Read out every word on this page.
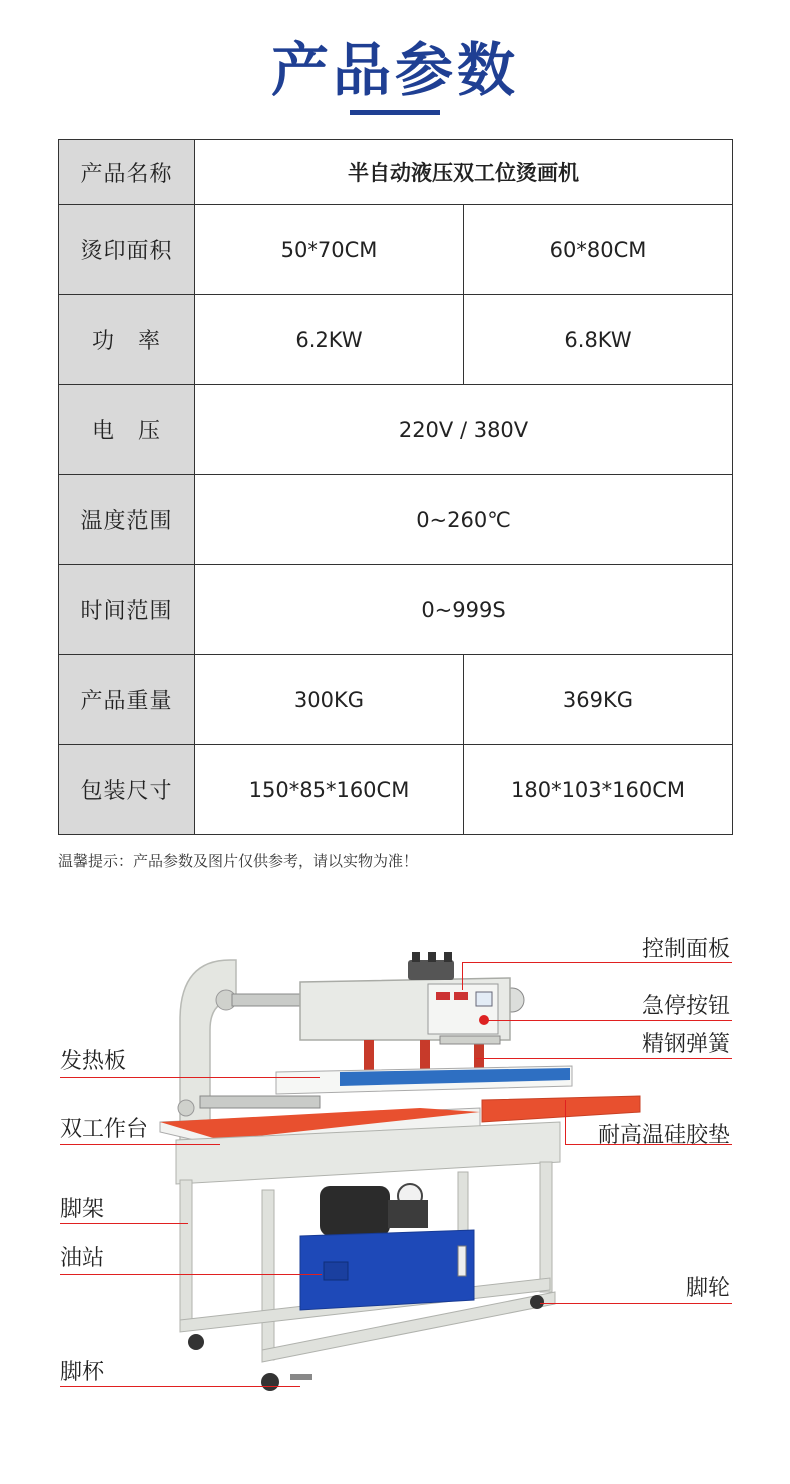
产品参数
产品名称	半自动液压双工位烫画机	
烫印面积	50*70CM	60*80CM
功　率	6.2KW	6.8KW
电　压	220V / 380V	
温度范围	0~260℃	
时间范围	0~999S	
产品重量	300KG	369KG
包装尺寸	150*85*160CM	180*103*160CM
温馨提示：产品参数及图片仅供参考，请以实物为准！
控制面板
急停按钮
精钢弹簧
发热板
双工作台	耐高温硅胶垫
脚架
油站
脚轮
脚杯
